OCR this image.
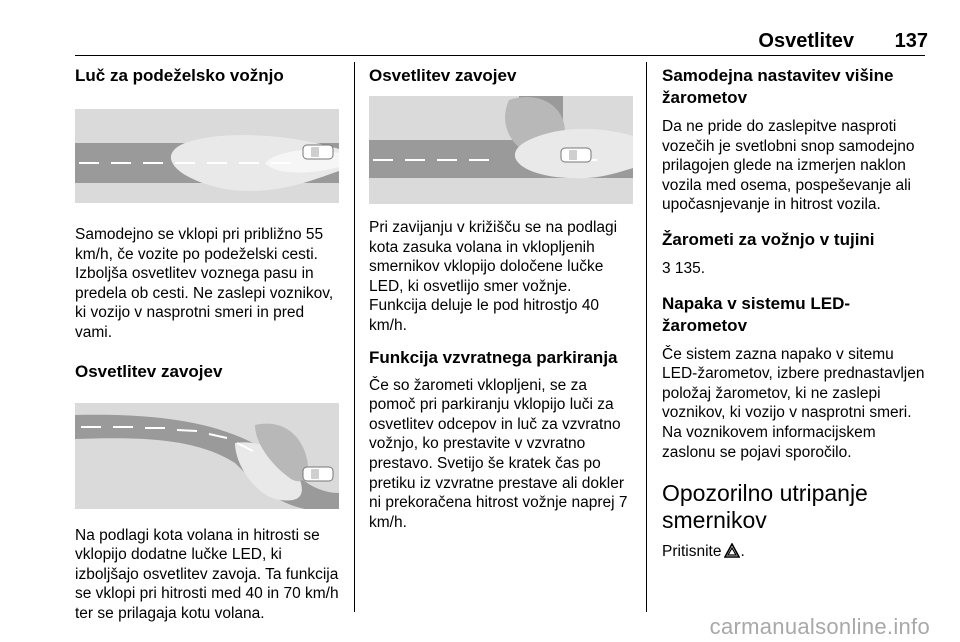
Osvetlitev	137
Luč za podeželsko vožnjo

Samodejno se vklopi pri približno 55 km/h, če vozite po podeželski cesti. Izboljša osvetlitev voznega pasu in predela ob cesti. Ne zaslepi voznikov, ki vozijo v nasprotni smeri in pred vami.

Osvetlitev zavojev

Na podlagi kota volana in hitrosti se vklopijo dodatne lučke LED, ki izboljšajo osvetlitev zavoja. Ta funkcija se vklopi pri hitrosti med 40 in 70 km/h ter se prilagaja kotu volana.

Osvetlitev zavojev

Pri zavijanju v križišču se na podlagi kota zasuka volana in vklopljenih smernikov vklopijo določene lučke LED, ki osvetlijo smer vožnje. Funkcija deluje le pod hitrostjo 40 km/h.

Funkcija vzvratnega parkiranja

Če so žarometi vklopljeni, se za pomoč pri parkiranju vklopijo luči za osvetlitev odcepov in luč za vzvratno vožnjo, ko prestavite v vzvratno prestavo. Svetijo še kratek čas po pretiku iz vzvratne prestave ali dokler ni prekoračena hitrost vožnje naprej 7 km/h.

Samodejna nastavitev višine žarometov

Da ne pride do zaslepitve nasproti vozečih je svetlobni snop samodejno prilagojen glede na izmerjen naklon vozila med osema, pospeševanje ali upočasnjevanje in hitrost vozila.

Žarometi za vožnjo v tujini

3 135.

Napaka v sistemu LED-žarometov

Če sistem zazna napako v sitemu LED-žarometov, izbere prednastavljen položaj žarometov, ki ne zaslepi voznikov, ki vozijo v nasprotni smeri. Na voznikovem informacijskem zaslonu se pojavi sporočilo.

Opozorilno utripanje smernikov

Pritisnite .

carmanualsonline.info
